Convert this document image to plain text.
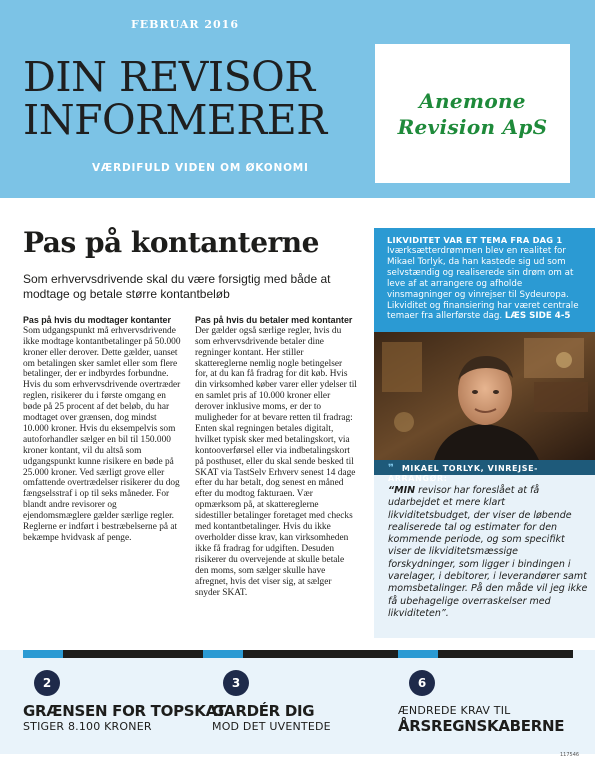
FEBRUAR 2016
DIN REVISOR
INFORMERER
VÆRDIFULD VIDEN OM ØKONOMI
Anemone
Revision ApS
Pas på kontanterne

Som erhvervsdrivende skal du være forsigtig med både at modtage og betale større kontantbeløb

Pas på hvis du modtager kontanter

Som udgangspunkt må erhvervsdrivende ikke modtage kontantbetalinger på 50.000 kroner eller derover. Dette gælder, uanset om betalingen sker samlet eller som flere betalinger, der er indbyrdes forbundne. Hvis du som erhvervsdrivende overtræder reglen, risikerer du i første omgang en bøde på 25 procent af det beløb, du har modtaget over grænsen, dog mindst 10.000 kroner. Hvis du eksempelvis som autoforhandler sælger en bil til 150.000 kroner kontant, vil du altså som udgangspunkt kunne risikere en bøde på 25.000 kroner. Ved særligt grove eller omfattende overtrædelser risikerer du dog fængselsstraf i op til seks måneder. For blandt andre revisorer og ejendomsmæglere gælder særlige regler.

Reglerne er indført i bestræbelserne på at bekæmpe hvidvask af penge.

Pas på hvis du betaler med kontanter

Der gælder også særlige regler, hvis du som erhvervsdrivende betaler dine regninger kontant. Her stiller skattereglerne nemlig nogle betingelser for, at du kan få fradrag for dit køb. Hvis din virksomhed køber varer eller ydelser til en samlet pris af 10.000 kroner eller derover inklusive moms, er der to muligheder for at bevare retten til fradrag: Enten skal regningen betales digitalt, hvilket typisk sker med betalingskort, via kontooverførsel eller via indbetalingskort på posthuset, eller du skal sende besked til SKAT via TastSelv Erhverv senest 14 dage efter du har betalt, dog senest en måned efter du modtog fakturaen. Vær opmærksom på, at skattereglerne sidestiller betalinger foretaget med checks med kontantbetalinger. Hvis du ikke overholder disse krav, kan virksomheden ikke få fradrag for udgiften. Desuden risikerer du overvejende at skulle betale den moms, som sælger skulle have afregnet, hvis det viser sig, at sælger snyder SKAT.

LIKVIDITET VAR ET TEMA FRA DAG 1
Iværksætterdrømmen blev en realitet for Mikael Torlyk, da han kastede sig ud som selvstændig og realiserede sin drøm om at leve af at arrangere og afholde vinsmagninger og vinrejser til Sydeuropa. Likviditet og finansiering har været centrale temaer fra allerførste dag. LÆS SIDE 4-5
❞ MIKAEL TORLYK, VINREJSE-ARRANGØR:
“MIN revisor har foreslået at få udarbejdet et mere klart likviditetsbudget, der viser de løbende realiserede tal og estimater for den kommende periode, og som specifikt viser de likviditetsmæssige forskydninger, som ligger i bindingen i varelager, i debitorer, i leverandører samt momsbetalinger. På den måde vil jeg ikke få ubehagelige overraskelser med likviditeten”.
2
GRÆNSEN FOR TOPSKAT
STIGER 8.100 KRONER
3
GARDÉR DIG
MOD DET UVENTEDE
6
ÆNDREDE KRAV TIL
ÅRSREGNSKABERNE
117546
